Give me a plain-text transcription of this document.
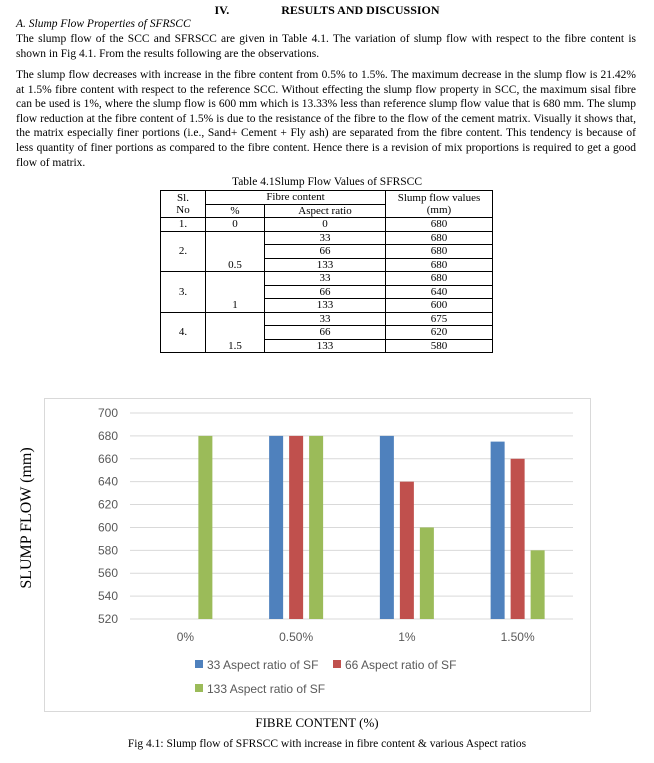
IV.	RESULTS AND DISCUSSION
A. Slump Flow Properties of SFRSCC

The slump flow of the SCC and SFRSCC are given in Table 4.1. The variation of slump flow with respect to the fibre content is shown in Fig 4.1. From the results following are the observations.

The slump flow decreases with increase in the fibre content from 0.5% to 1.5%. The maximum decrease in the slump flow is 21.42% at 1.5% fibre content with respect to the reference SCC. Without effecting the slump flow property in SCC, the maximum sisal fibre can be used is 1%, where the slump flow is 600 mm which is 13.33% less than reference slump flow value that is 680 mm. The slump flow reduction at the fibre content of 1.5% is due to the resistance of the fibre to the flow of the cement matrix. Visually it shows that, the matrix especially finer portions (i.e., Sand+ Cement + Fly ash) are separated from the fibre content. This tendency is because of less quantity of finer portions as compared to the fibre content. Hence there is a revision of mix proportions is required to get a good flow of matrix.

Table 4.1Slump Flow Values of SFRSCC
Sl.
No	Fibre content		Slump flow values
(mm)
	%	Aspect ratio	
1.	0	0	680
2.	0.5	33	680
		66	680
		133	680
3.	1	33	680
		66	640
		133	600
4.	1.5	33	675
		66	620
		133	580
520
540
560
580
600
620
640
660
680
700
0%	0.50%	1%	1.50%
SLUMP FLOW (mm)
33 Aspect ratio of SF 66 Aspect ratio of SF
133 Aspect ratio of SF
FIBRE CONTENT (%)
Fig 4.1: Slump flow of SFRSCC with increase in fibre content & various Aspect ratios
